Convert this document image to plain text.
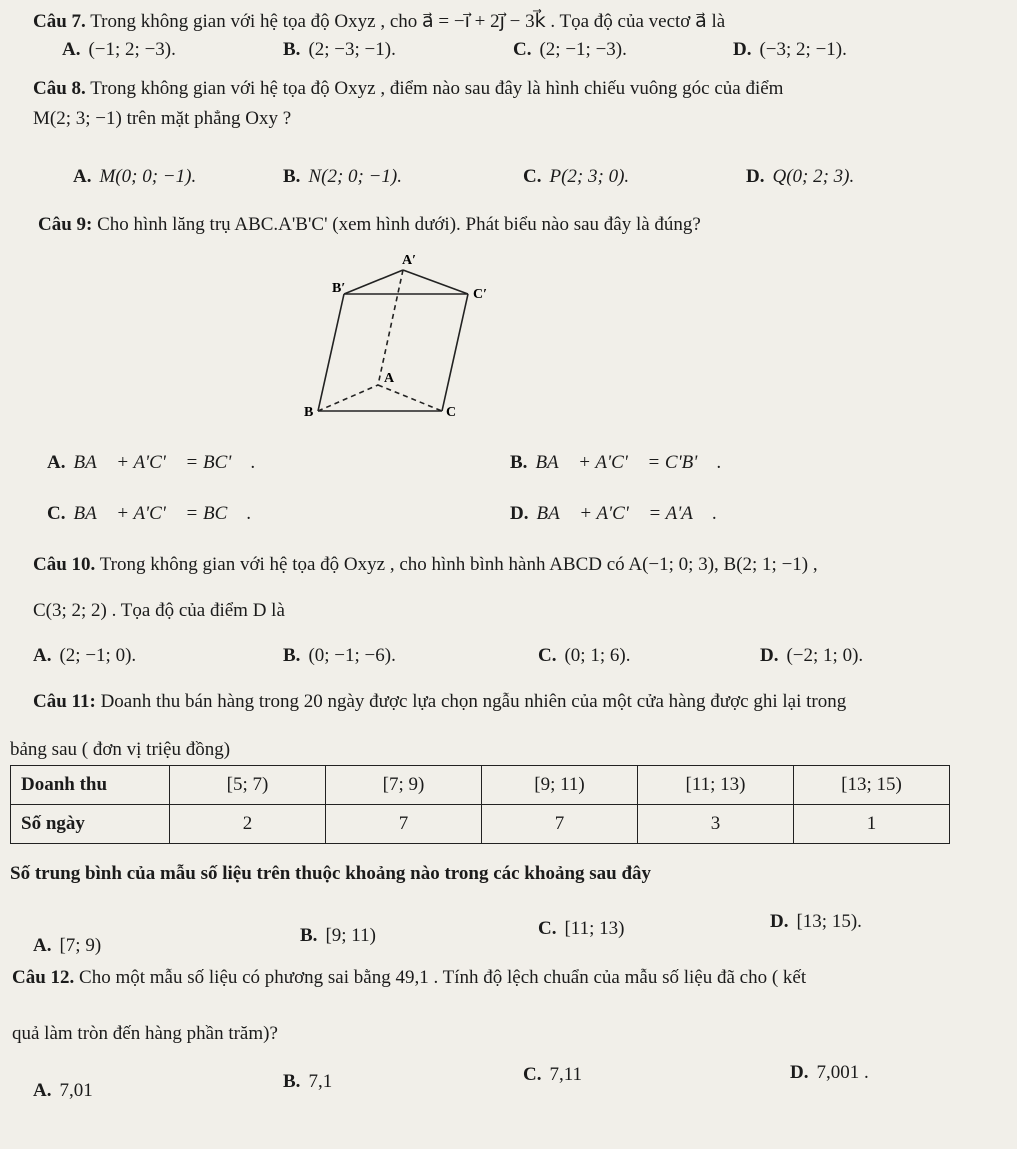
Câu 7. Trong không gian với hệ tọa độ Oxyz , cho a⃗ = −i⃗ + 2j⃗ − 3k⃗ . Tọa độ của vectơ a⃗ là
A. (−1; 2; −3).	B. (2; −3; −1).	C. (2; −1; −3).	D. (−3; 2; −1).
Câu 8. Trong không gian với hệ tọa độ Oxyz , điểm nào sau đây là hình chiếu vuông góc của điểm
M(2; 3; −1) trên mặt phẳng Oxy ?
A. M(0; 0; −1).	B. N(2; 0; −1).	C. P(2; 3; 0).	D. Q(0; 2; 3).
Câu 9: Cho hình lăng trụ ABC.A'B'C' (xem hình dưới). Phát biểu nào sau đây là đúng?
A′
B′	C′
A
B	C
A. BA⃗ + A'C'⃗ = BC'⃗ .	B. BA⃗ + A'C'⃗ = C'B'⃗ .
C. BA⃗ + A'C'⃗ = BC⃗ .	D. BA⃗ + A'C'⃗ = A'A⃗ .
Câu 10. Trong không gian với hệ tọa độ Oxyz , cho hình bình hành ABCD có A(−1; 0; 3), B(2; 1; −1) ,
C(3; 2; 2) . Tọa độ của điểm D là
A. (2; −1; 0).	B. (0; −1; −6).	C. (0; 1; 6).	D. (−2; 1; 0).
Câu 11: Doanh thu bán hàng trong 20 ngày được lựa chọn ngẫu nhiên của một cửa hàng được ghi lại trong
bảng sau ( đơn vị triệu đồng)
Doanh thu	[5; 7)	[7; 9)	[9; 11)	[11; 13)	[13; 15)
Số ngày	2	7	7	3	1
Số trung bình của mẫu số liệu trên thuộc khoảng nào trong các khoảng sau đây
A. [7; 9)	B. [9; 11)	C. [11; 13)	D. [13; 15).
Câu 12. Cho một mẫu số liệu có phương sai bằng 49,1 . Tính độ lệch chuẩn của mẫu số liệu đã cho ( kết
quả làm tròn đến hàng phần trăm)?
A. 7,01	B. 7,1	C. 7,11	D. 7,001 .
